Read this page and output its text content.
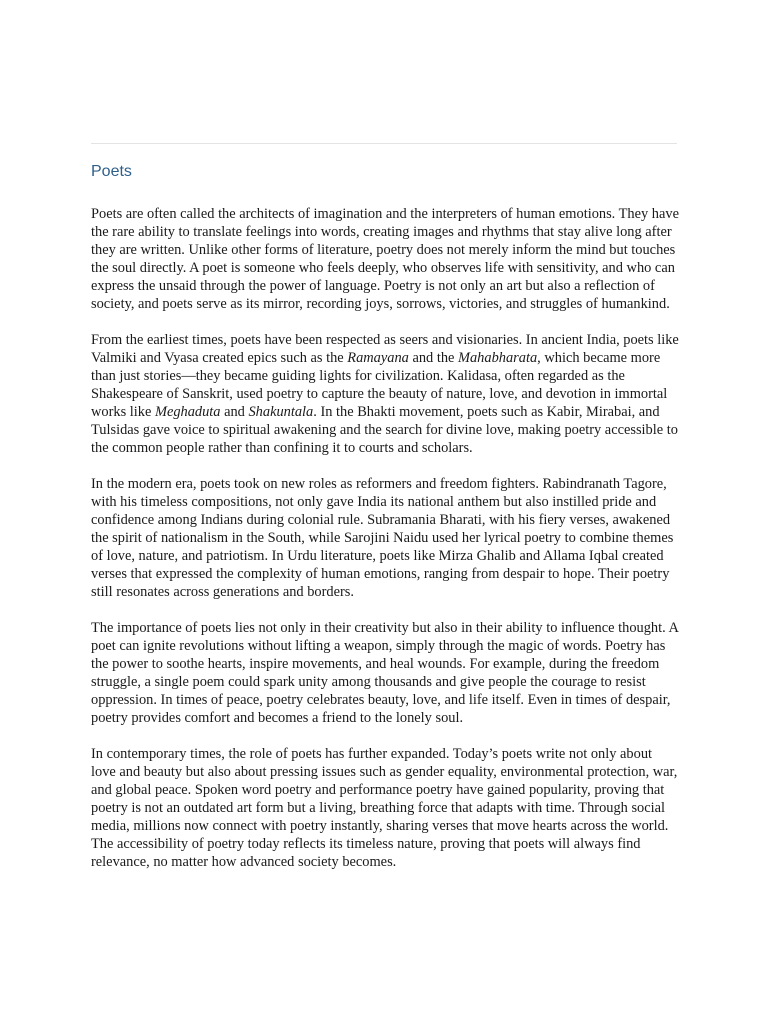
Poets

Poets are often called the architects of imagination and the interpreters of human emotions. They have the rare ability to translate feelings into words, creating images and rhythms that stay alive long after they are written. Unlike other forms of literature, poetry does not merely inform the mind but touches the soul directly. A poet is someone who feels deeply, who observes life with sensitivity, and who can express the unsaid through the power of language. Poetry is not only an art but also a reflection of society, and poets serve as its mirror, recording joys, sorrows, victories, and struggles of humankind.

From the earliest times, poets have been respected as seers and visionaries. In ancient India, poets like Valmiki and Vyasa created epics such as the Ramayana and the Mahabharata, which became more than just stories—they became guiding lights for civilization. Kalidasa, often regarded as the Shakespeare of Sanskrit, used poetry to capture the beauty of nature, love, and devotion in immortal works like Meghaduta and Shakuntala. In the Bhakti movement, poets such as Kabir, Mirabai, and Tulsidas gave voice to spiritual awakening and the search for divine love, making poetry accessible to the common people rather than confining it to courts and scholars.

In the modern era, poets took on new roles as reformers and freedom fighters. Rabindranath Tagore, with his timeless compositions, not only gave India its national anthem but also instilled pride and confidence among Indians during colonial rule. Subramania Bharati, with his fiery verses, awakened the spirit of nationalism in the South, while Sarojini Naidu used her lyrical poetry to combine themes of love, nature, and patriotism. In Urdu literature, poets like Mirza Ghalib and Allama Iqbal created verses that expressed the complexity of human emotions, ranging from despair to hope. Their poetry still resonates across generations and borders.

The importance of poets lies not only in their creativity but also in their ability to influence thought. A poet can ignite revolutions without lifting a weapon, simply through the magic of words. Poetry has the power to soothe hearts, inspire movements, and heal wounds. For example, during the freedom struggle, a single poem could spark unity among thousands and give people the courage to resist oppression. In times of peace, poetry celebrates beauty, love, and life itself. Even in times of despair, poetry provides comfort and becomes a friend to the lonely soul.

In contemporary times, the role of poets has further expanded. Today’s poets write not only about love and beauty but also about pressing issues such as gender equality, environmental protection, war, and global peace. Spoken word poetry and performance poetry have gained popularity, proving that poetry is not an outdated art form but a living, breathing force that adapts with time. Through social media, millions now connect with poetry instantly, sharing verses that move hearts across the world. The accessibility of poetry today reflects its timeless nature, proving that poets will always find relevance, no matter how advanced society becomes.
